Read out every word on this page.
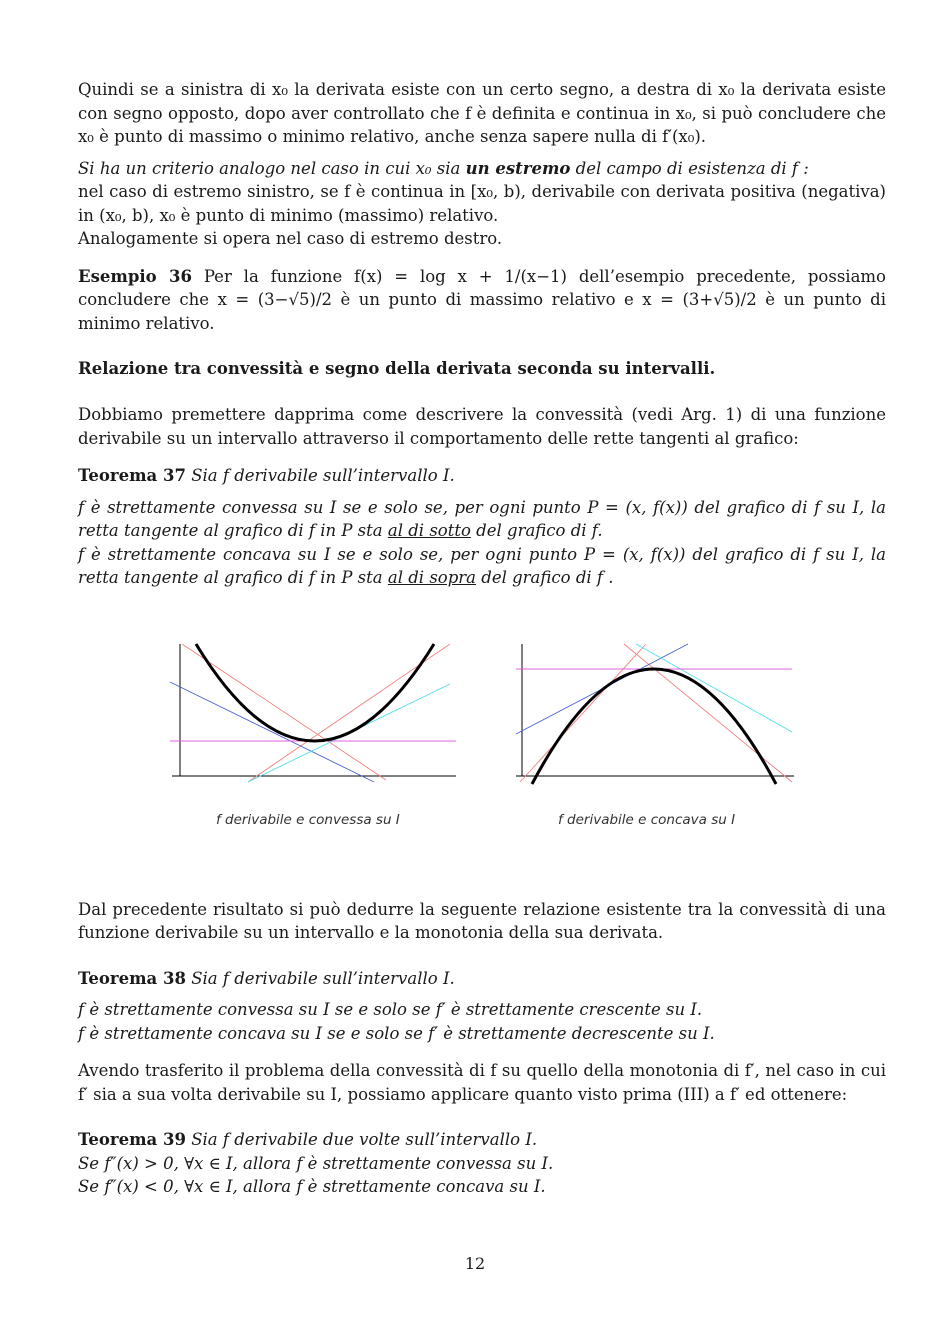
Quindi se a sinistra di x₀ la derivata esiste con un certo segno, a destra di x₀ la derivata esiste con segno opposto, dopo aver controllato che f è definita e continua in x₀, si può concludere che x₀ è punto di massimo o minimo relativo, anche senza sapere nulla di f′(x₀).

Si ha un criterio analogo nel caso in cui x₀ sia un estremo del campo di esistenza di f :

nel caso di estremo sinistro, se f è continua in [x₀, b), derivabile con derivata positiva (negativa) in (x₀, b), x₀ è punto di minimo (massimo) relativo.

Analogamente si opera nel caso di estremo destro.

Esempio 36 Per la funzione f(x) = log x + 1/(x−1) dell’esempio precedente, possiamo concludere che x = (3−√5)/2 è un punto di massimo relativo e x = (3+√5)/2 è un punto di minimo relativo.

Relazione tra convessità e segno della derivata seconda su intervalli.

Dobbiamo premettere dapprima come descrivere la convessità (vedi Arg. 1) di una funzione derivabile su un intervallo attraverso il comportamento delle rette tangenti al grafico:

Teorema 37 Sia f derivabile sull’intervallo I.

f è strettamente convessa su I se e solo se, per ogni punto P = (x, f(x)) del grafico di f su I, la retta tangente al grafico di f in P sta al di sotto del grafico di f.

f è strettamente concava su I se e solo se, per ogni punto P = (x, f(x)) del grafico di f su I, la retta tangente al grafico di f in P sta al di sopra del grafico di f .

f derivabile e convessa su I	f derivabile e concava su I

Dal precedente risultato si può dedurre la seguente relazione esistente tra la convessità di una funzione derivabile su un intervallo e la monotonia della sua derivata.

Teorema 38 Sia f derivabile sull’intervallo I.

f è strettamente convessa su I se e solo se f′ è strettamente crescente su I.

f è strettamente concava su I se e solo se f′ è strettamente decrescente su I.

Avendo trasferito il problema della convessità di f su quello della monotonia di f′, nel caso in cui f′ sia a sua volta derivabile su I, possiamo applicare quanto visto prima (III) a f′ ed ottenere:

Teorema 39 Sia f derivabile due volte sull’intervallo I.

Se f″(x) > 0, ∀x ∈ I, allora f è strettamente convessa su I.

Se f″(x) < 0, ∀x ∈ I, allora f è strettamente concava su I.

12
